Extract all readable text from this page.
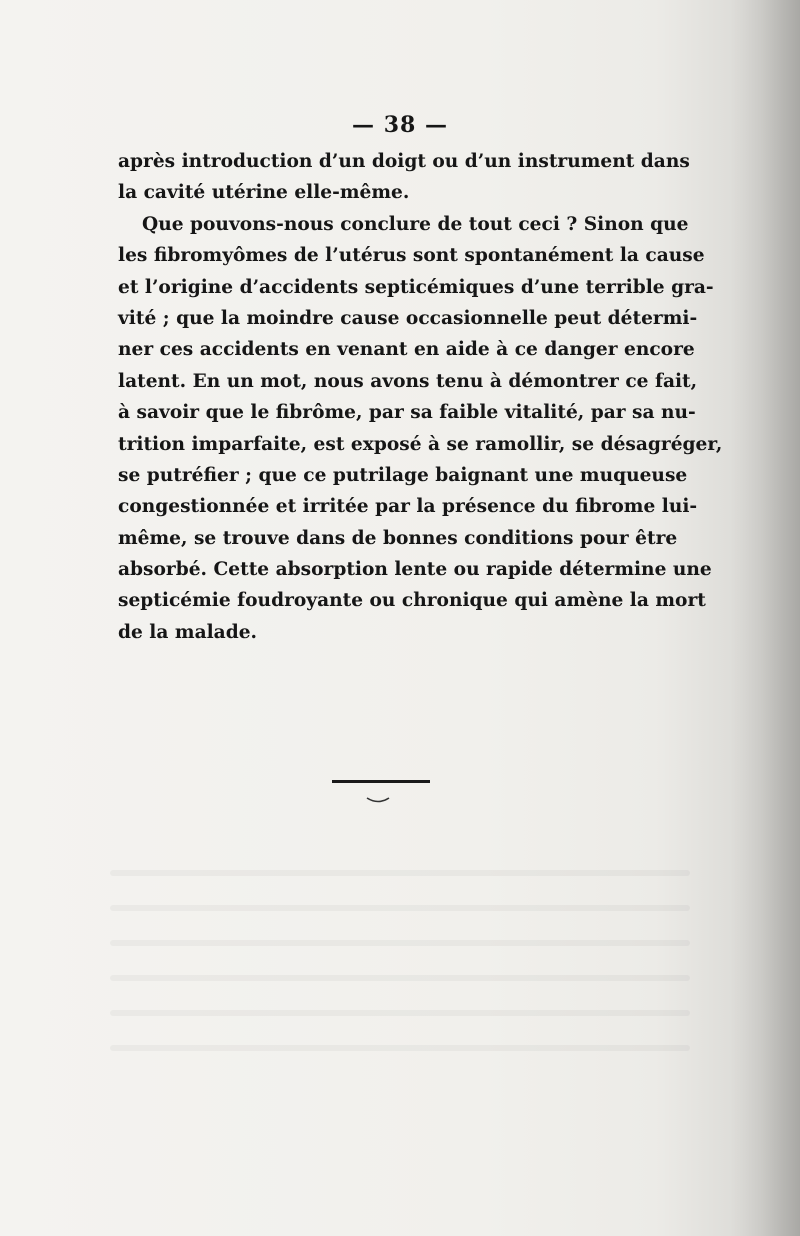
— 38 —
après introduction d’un doigt ou d’un instrument dans
la cavité utérine elle-même.
Que pouvons-nous conclure de tout ceci ? Sinon que
les fibromyômes de l’utérus sont spontanément la cause
et l’origine d’accidents septicémiques d’une terrible gra-
vité ; que la moindre cause occasionnelle peut détermi-
ner ces accidents en venant en aide à ce danger encore
latent. En un mot, nous avons tenu à démontrer ce fait,
à savoir que le fibrôme, par sa faible vitalité, par sa nu-
trition imparfaite, est exposé à se ramollir, se désagréger,
se putréfier ; que ce putrilage baignant une muqueuse
congestionnée et irritée par la présence du fibrome lui-
même, se trouve dans de bonnes conditions pour être
absorbé. Cette absorption lente ou rapide détermine une
septicémie foudroyante ou chronique qui amène la mort
de la malade.
